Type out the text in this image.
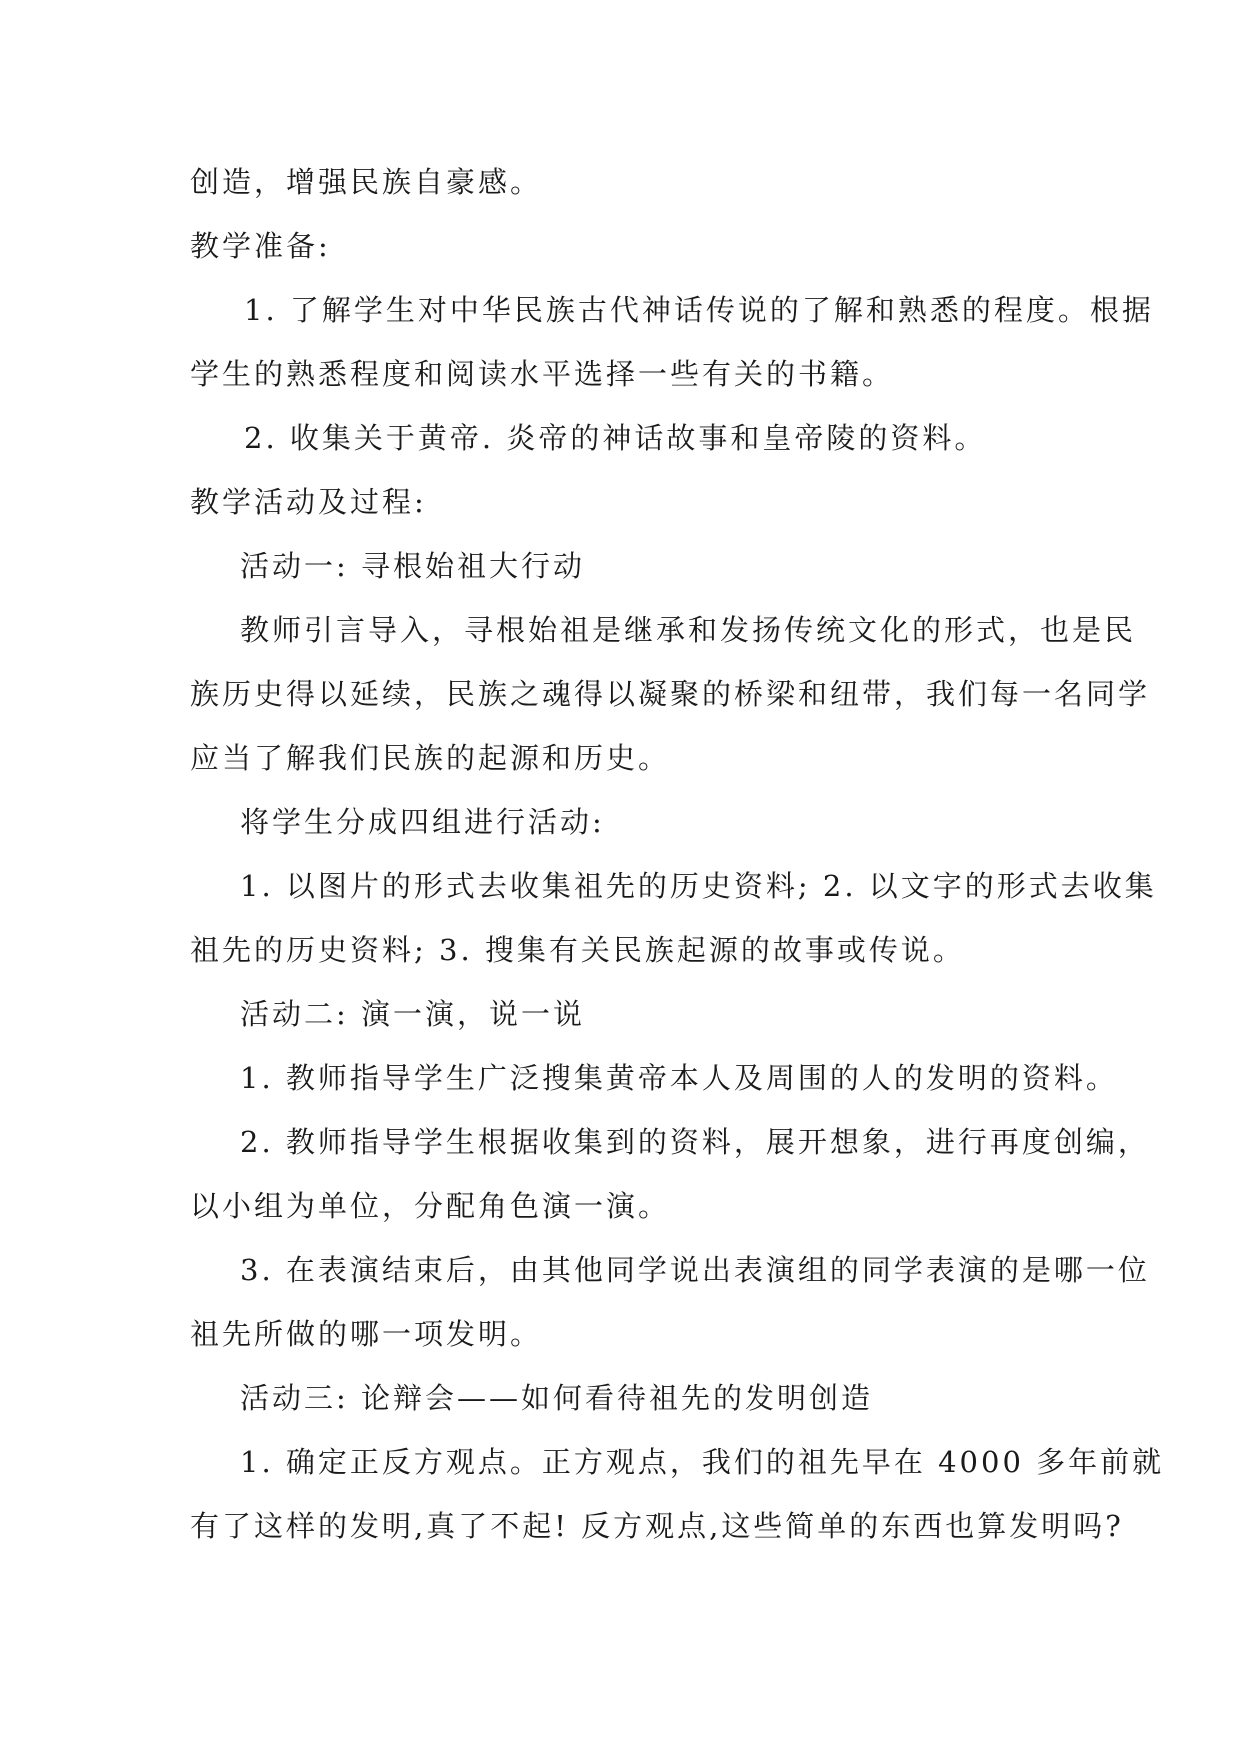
创造，增强民族自豪感。
教学准备:
1. 了解学生对中华民族古代神话传说的了解和熟悉的程度。根据
学生的熟悉程度和阅读水平选择一些有关的书籍。
2. 收集关于黄帝. 炎帝的神话故事和皇帝陵的资料。
教学活动及过程:
活动一: 寻根始祖大行动
教师引言导入，寻根始祖是继承和发扬传统文化的形式，也是民
族历史得以延续，民族之魂得以凝聚的桥梁和纽带，我们每一名同学
应当了解我们民族的起源和历史。
将学生分成四组进行活动:
1. 以图片的形式去收集祖先的历史资料; 2. 以文字的形式去收集
祖先的历史资料; 3. 搜集有关民族起源的故事或传说。
活动二: 演一演，说一说
1. 教师指导学生广泛搜集黄帝本人及周围的人的发明的资料。
2. 教师指导学生根据收集到的资料，展开想象，进行再度创编，
以小组为单位，分配角色演一演。
3. 在表演结束后，由其他同学说出表演组的同学表演的是哪一位
祖先所做的哪一项发明。
活动三: 论辩会——如何看待祖先的发明创造
1. 确定正反方观点。正方观点，我们的祖先早在 4000 多年前就
有了这样的发明,真了不起! 反方观点,这些简单的东西也算发明吗?
